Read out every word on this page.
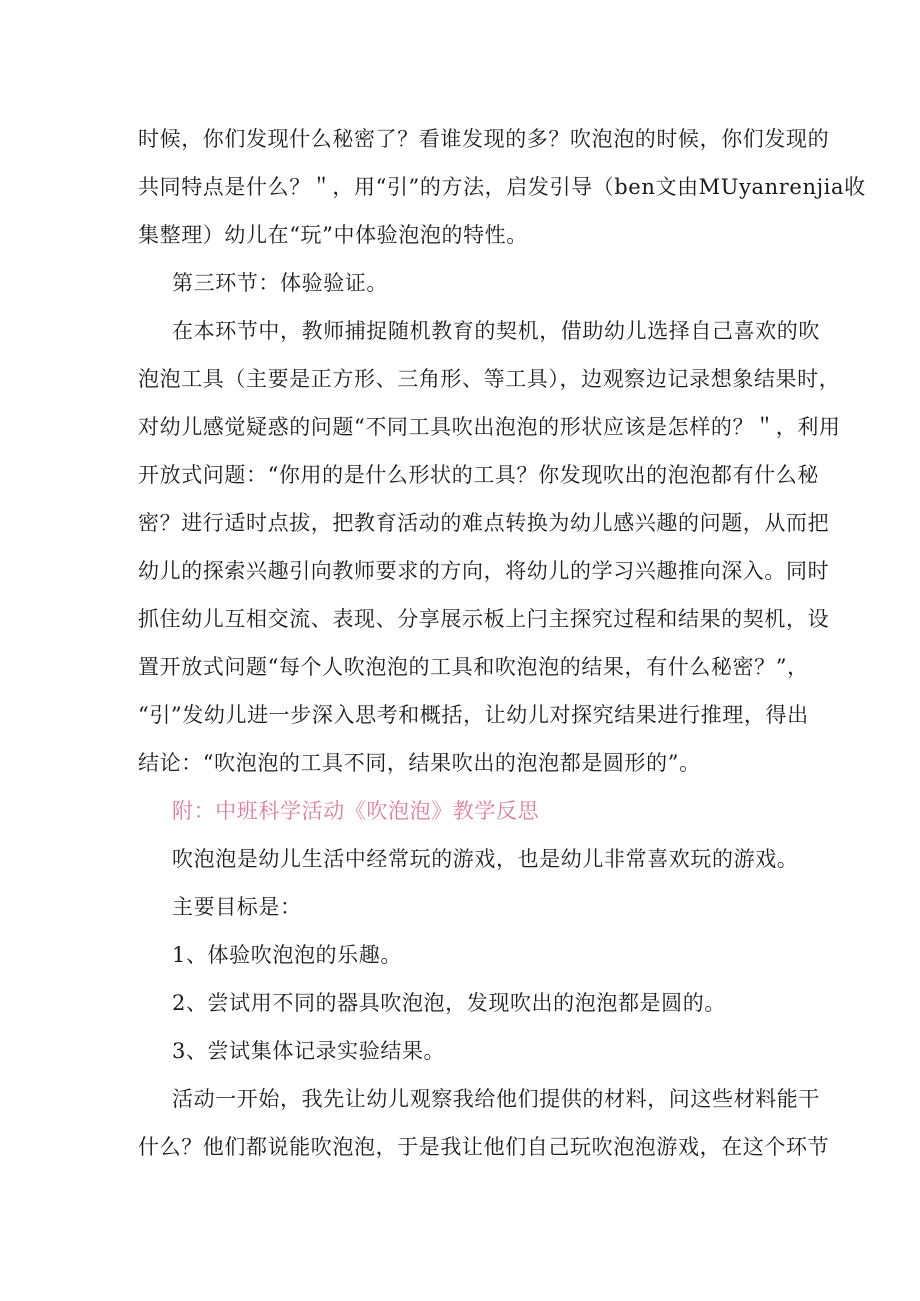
时候，你们发现什么秘密了？看谁发现的多？吹泡泡的时候，你们发现的
共同特点是什么？＂，用“引”的方法，启发引导（ben文由MUyanrenjia收
集整理）幼儿在“玩”中体验泡泡的特性。
第三环节：体验验证。
在本环节中，教师捕捉随机教育的契机，借助幼儿选择自己喜欢的吹
泡泡工具（主要是正方形、三角形、等工具），边观察边记录想象结果时，
对幼儿感觉疑惑的问题“不同工具吹出泡泡的形状应该是怎样的？＂，利用
开放式问题：“你用的是什么形状的工具？你发现吹出的泡泡都有什么秘
密？进行适时点拔，把教育活动的难点转换为幼儿感兴趣的问题，从而把
幼儿的探索兴趣引向教师要求的方向，将幼儿的学习兴趣推向深入。同时
抓住幼儿互相交流、表现、分享展示板上闩主探究过程和结果的契机，设
置开放式问题“每个人吹泡泡的工具和吹泡泡的结果，有什么秘密？”，
“引”发幼儿进一步深入思考和概括，让幼儿对探究结果进行推理，得出
结论：“吹泡泡的工具不同，结果吹出的泡泡都是圆形的”。
附：中班科学活动《吹泡泡》教学反思
吹泡泡是幼儿生活中经常玩的游戏，也是幼儿非常喜欢玩的游戏。
主要目标是：
1、体验吹泡泡的乐趣。
2、尝试用不同的器具吹泡泡，发现吹出的泡泡都是圆的。
3、尝试集体记录实验结果。
活动一开始，我先让幼儿观察我给他们提供的材料，问这些材料能干
什么？他们都说能吹泡泡，于是我让他们自己玩吹泡泡游戏，在这个环节
